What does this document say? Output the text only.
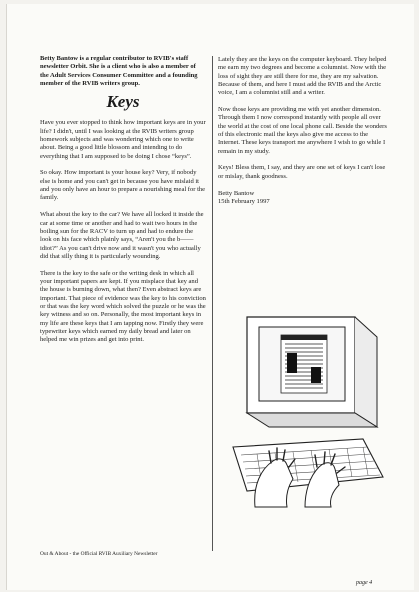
Betty Bantow is a regular contributor to RVIB's staff newsletter Orbit. She is a client who is also a member of the Adult Services Consumer Committee and a founding member of the RVIB writers group.

Keys

Have you ever stopped to think how important keys are in your life? I didn't, until I was looking at the RVIB writers group homework subjects and was wondering which one to write about. Being a good little blossom and intending to do everything that I am supposed to be doing I chose “keys”.

So okay. How important is your house key? Very, if nobody else is home and you can't get in because you have mislaid it and you only have an hour to prepare a nourishing meal for the family.

What about the key to the car? We have all locked it inside the car at some time or another and had to wait two hours in the boiling sun for the RACV to turn up and had to endure the look on his face which plainly says, “Aren't you the b—— idiot?” As you can't drive now and it wasn't you who actually did that silly thing it is particularly wounding.

There is the key to the safe or the writing desk in which all your important papers are kept. If you misplace that key and the house is burning down, what then? Even abstract keys are important. That piece of evidence was the key to his conviction or that was the key word which solved the puzzle or he was the key witness and so on. Personally, the most important keys in my life are these keys that I am tapping now. Firstly they were typewriter keys which earned my daily bread and later on helped me win prizes and get into print.

Lately they are the keys on the computer keyboard. They helped me earn my two degrees and become a columnist. Now with the loss of sight they are still there for me, they are my salvation. Because of them, and here I must add the RVIB and the Arctic voice, I am a columnist still and a writer.

Now those keys are providing me with yet another dimension. Through them I now correspond instantly with people all over the world at the cost of one local phone call. Beside the wonders of this electronic mail the keys also give me access to the Internet. These keys transport me anywhere I wish to go while I remain in my study.

Keys! Bless them, I say, and they are one set of keys I can't lose or mislay, thank goodness.

Betty Bantow

15th February 1997

Out & About - the Official RVIB Auxiliary Newsletter
page 4
